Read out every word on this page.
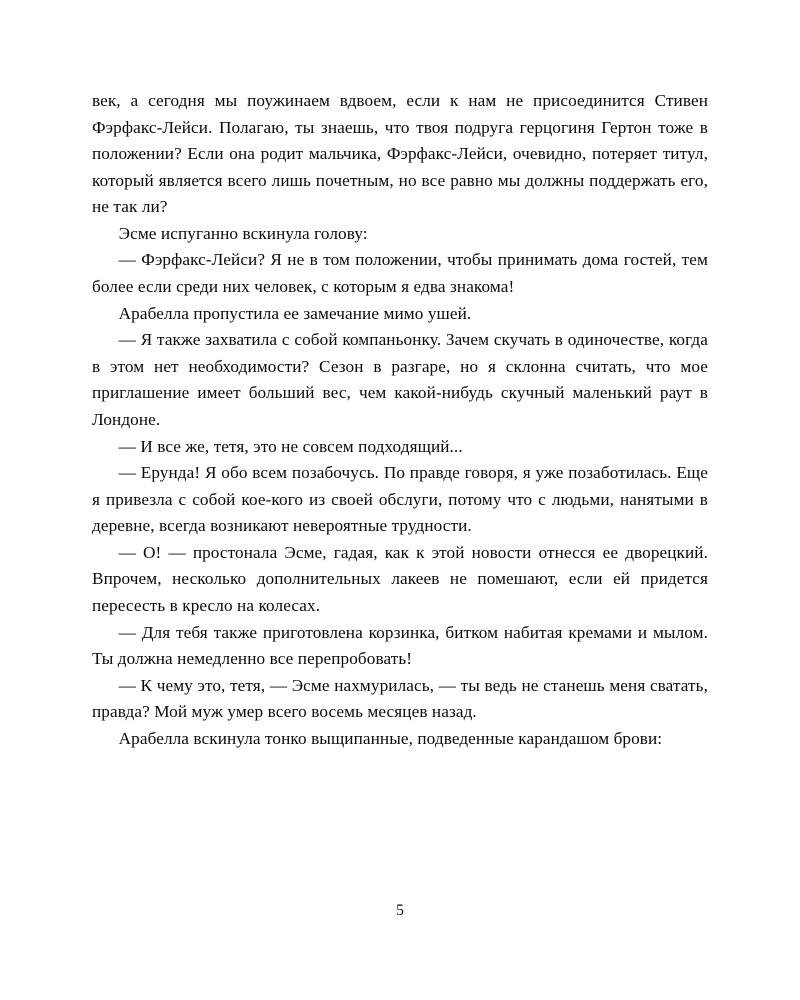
век, а сегодня мы поужинаем вдвоем, если к нам не присоединится Стивен Фэрфакс-Лейси. Полагаю, ты знаешь, что твоя подруга герцогиня Гертон тоже в положении? Если она родит мальчика, Фэрфакс-Лейси, очевидно, потеряет титул, который является всего лишь почетным, но все равно мы должны поддержать его, не так ли?

Эсме испуганно вскинула голову:

— Фэрфакс-Лейси? Я не в том положении, чтобы принимать дома гостей, тем более если среди них человек, с которым я едва знакома!

Арабелла пропустила ее замечание мимо ушей.

— Я также захватила с собой компаньонку. Зачем скучать в одиночестве, когда в этом нет необходимости? Сезон в разгаре, но я склонна считать, что мое приглашение имеет больший вес, чем какой-нибудь скучный маленький раут в Лондоне.

— И все же, тетя, это не совсем подходящий...

— Ерунда! Я обо всем позабочусь. По правде говоря, я уже позаботилась. Еще я привезла с собой кое-кого из своей обслуги, потому что с людьми, нанятыми в деревне, всегда возникают невероятные трудности.

— О! — простонала Эсме, гадая, как к этой новости отнесся ее дворецкий. Впрочем, несколько дополнительных лакеев не помешают, если ей придется пересесть в кресло на колесах.

— Для тебя также приготовлена корзинка, битком набитая кремами и мылом. Ты должна немедленно все перепробовать!

— К чему это, тетя, — Эсме нахмурилась, — ты ведь не станешь меня сватать, правда? Мой муж умер всего восемь месяцев назад.

Арабелла вскинула тонко выщипанные, подведенные карандашом брови:

5
